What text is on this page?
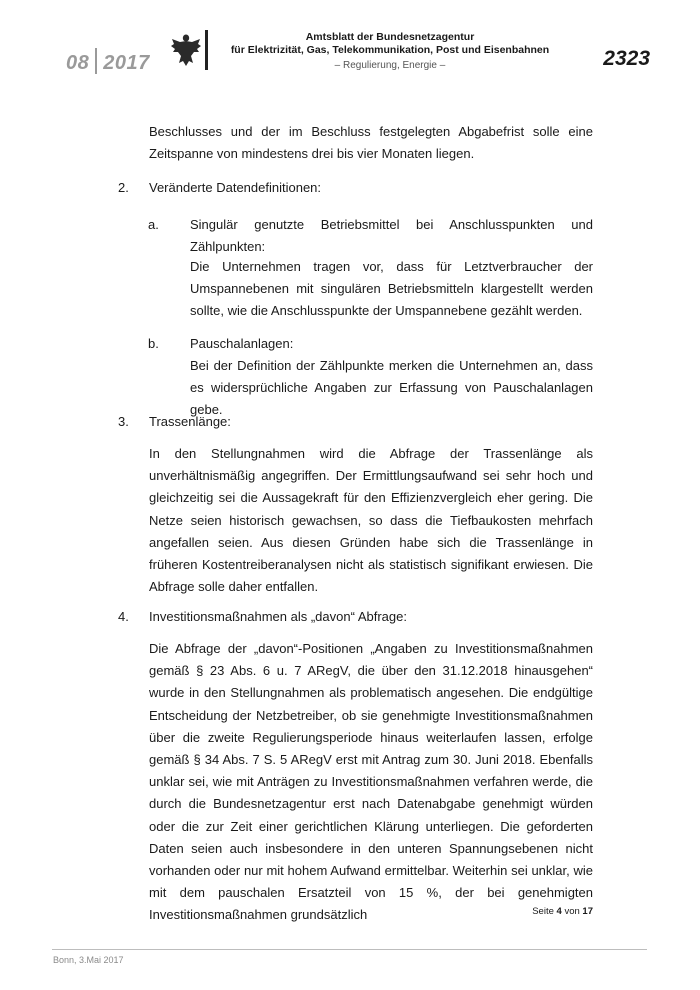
08 2017
Amtsblatt der Bundesnetzagentur
für Elektrizität, Gas, Telekommunikation, Post und Eisenbahnen
– Regulierung, Energie –	2323
Beschlusses und der im Beschluss festgelegten Abgabefrist solle eine Zeitspanne von mindestens drei bis vier Monaten liegen.
2. Veränderte Datendefinitionen:
a. Singulär genutzte Betriebsmittel bei Anschlusspunkten und Zählpunkten:
Die Unternehmen tragen vor, dass für Letztverbraucher der Umspannebenen mit singulären Betriebsmitteln klargestellt werden sollte, wie die Anschlusspunkte der Umspannebene gezählt werden.
b. Pauschalanlagen:
Bei der Definition der Zählpunkte merken die Unternehmen an, dass es widersprüchliche Angaben zur Erfassung von Pauschalanlagen gebe.
3. Trassenlänge:
In den Stellungnahmen wird die Abfrage der Trassenlänge als unverhältnismäßig angegriffen. Der Ermittlungsaufwand sei sehr hoch und gleichzeitig sei die Aussagekraft für den Effizienzvergleich eher gering. Die Netze seien historisch gewachsen, so dass die Tiefbaukosten mehrfach angefallen seien. Aus diesen Gründen habe sich die Trassenlänge in früheren Kostentreiberanalysen nicht als statistisch signifikant erwiesen. Die Abfrage solle daher entfallen.
4. Investitionsmaßnahmen als „davon“ Abfrage:
Die Abfrage der „davon“-Positionen „Angaben zu Investitionsmaßnahmen gemäß § 23 Abs. 6 u. 7 ARegV, die über den 31.12.2018 hinausgehen“ wurde in den Stellungnahmen als problematisch angesehen. Die endgültige Entscheidung der Netzbetreiber, ob sie genehmigte Investitionsmaßnahmen über die zweite Regulierungsperiode hinaus weiterlaufen lassen, erfolge gemäß § 34 Abs. 7 S. 5 ARegV erst mit Antrag zum 30. Juni 2018. Ebenfalls unklar sei, wie mit Anträgen zu Investitionsmaßnahmen verfahren werde, die durch die Bundesnetzagentur erst nach Datenabgabe genehmigt würden oder die zur Zeit einer gerichtlichen Klärung unterliegen. Die geforderten Daten seien auch insbesondere in den unteren Spannungsebenen nicht vorhanden oder nur mit hohem Aufwand ermittelbar. Weiterhin sei unklar, wie mit dem pauschalen Ersatzteil von 15 %, der bei genehmigten Investitionsmaßnahmen grundsätzlich	Seite 4 von 17
Bonn, 3.Mai 2017
